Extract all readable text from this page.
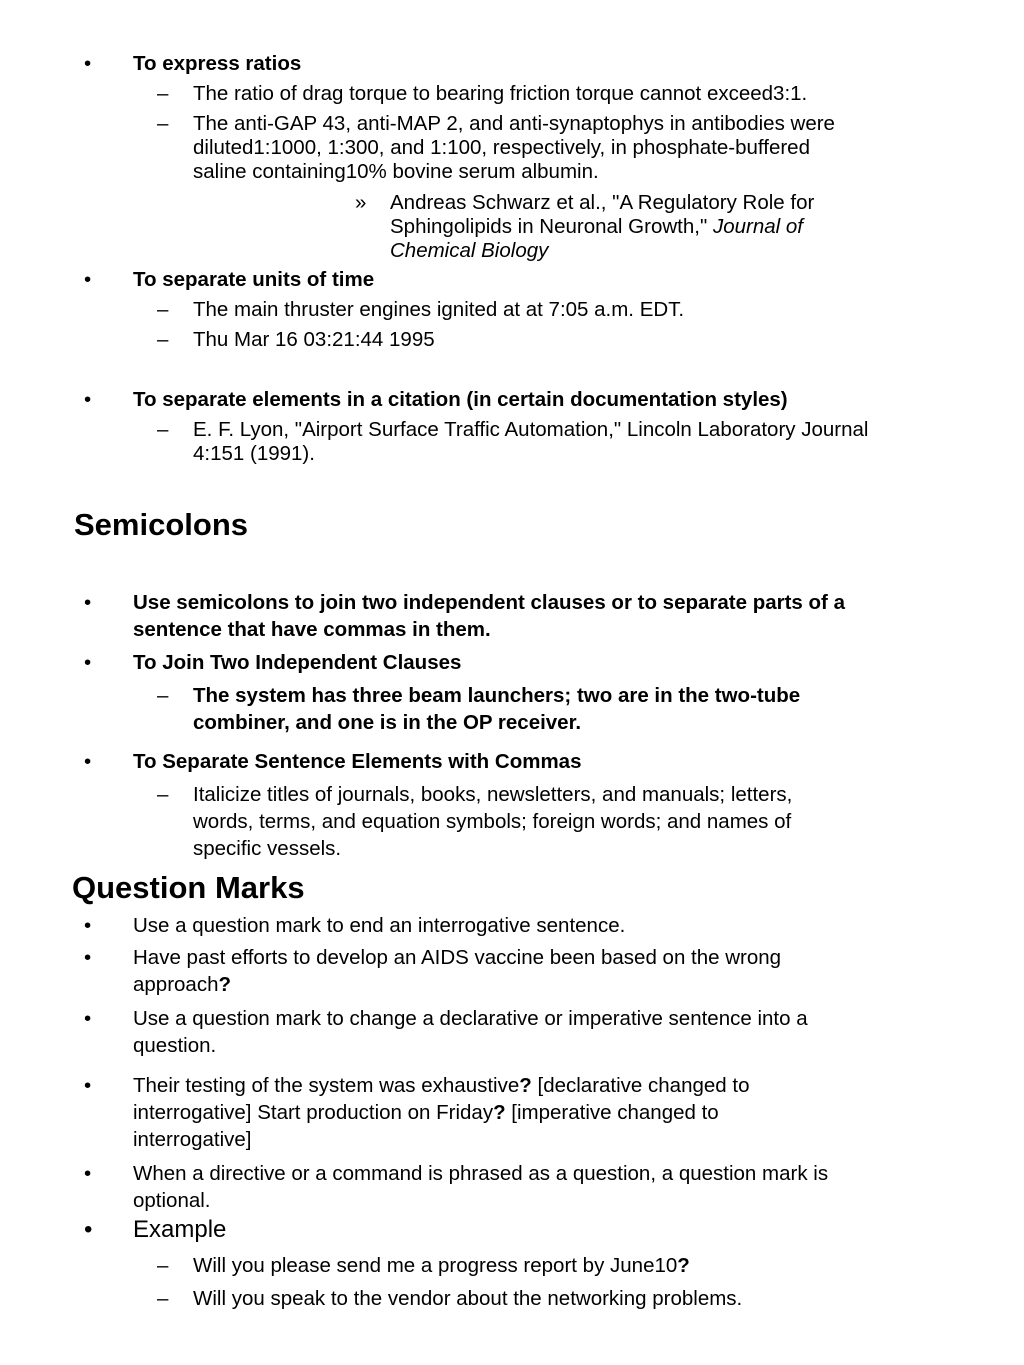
• To express ratios

– The ratio of drag torque to bearing friction torque cannot exceed3:1.

– The anti-GAP 43, anti-MAP 2, and anti-synaptophys in antibodies were

diluted1:1000, 1:300, and 1:100, respectively, in phosphate-buffered

saline containing10% bovine serum albumin.

» Andreas Schwarz et al., "A Regulatory Role for

Sphingolipids in Neuronal Growth," Journal of

Chemical Biology

• To separate units of time

– The main thruster engines ignited at at 7:05 a.m. EDT.

– Thu Mar 16 03:21:44 1995

• To separate elements in a citation (in certain documentation styles)

– E. F. Lyon, "Airport Surface Traffic Automation," Lincoln Laboratory Journal

4:151 (1991).

Semicolons
• Use semicolons to join two independent clauses or to separate parts of a

sentence that have commas in them.

• To Join Two Independent Clauses

– The system has three beam launchers; two are in the two-tube

combiner, and one is in the OP receiver.

• To Separate Sentence Elements with Commas

– Italicize titles of journals, books, newsletters, and manuals; letters,

words, terms, and equation symbols; foreign words; and names of

specific vessels.

Question Marks
• Use a question mark to end an interrogative sentence.

• Have past efforts to develop an AIDS vaccine been based on the wrong

approach?

• Use a question mark to change a declarative or imperative sentence into a

question.

• Their testing of the system was exhaustive? [declarative changed to

interrogative] Start production on Friday? [imperative changed to

interrogative]

• When a directive or a command is phrased as a question, a question mark is

optional.

• Example

– Will you please send me a progress report by June10?

– Will you speak to the vendor about the networking problems.
